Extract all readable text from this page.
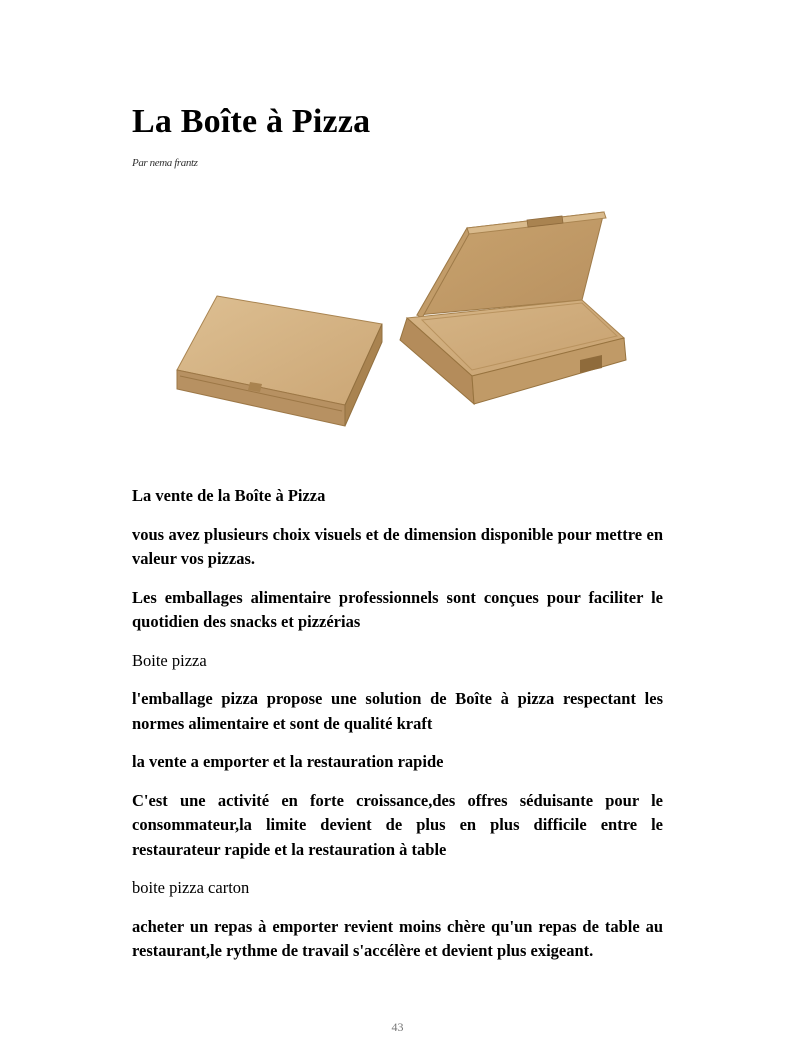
La Boîte à Pizza
Par nema frantz

La vente de la Boîte à Pizza

vous avez plusieurs choix visuels et de dimension disponible pour mettre en valeur vos pizzas.

Les emballages alimentaire professionnels sont conçues pour faciliter le quotidien des snacks et pizzérias

Boite pizza

l'emballage pizza propose une solution de Boîte à pizza respectant les normes alimentaire et sont de qualité kraft

la vente a emporter et la restauration rapide

C'est une activité en forte croissance,des offres séduisante pour le consommateur,la limite devient de plus en plus difficile entre le restaurateur rapide et la restauration à table

boite pizza carton

acheter un repas à emporter revient moins chère qu'un repas de table au restaurant,le rythme de travail s'accélère et devient plus exigeant.

43
